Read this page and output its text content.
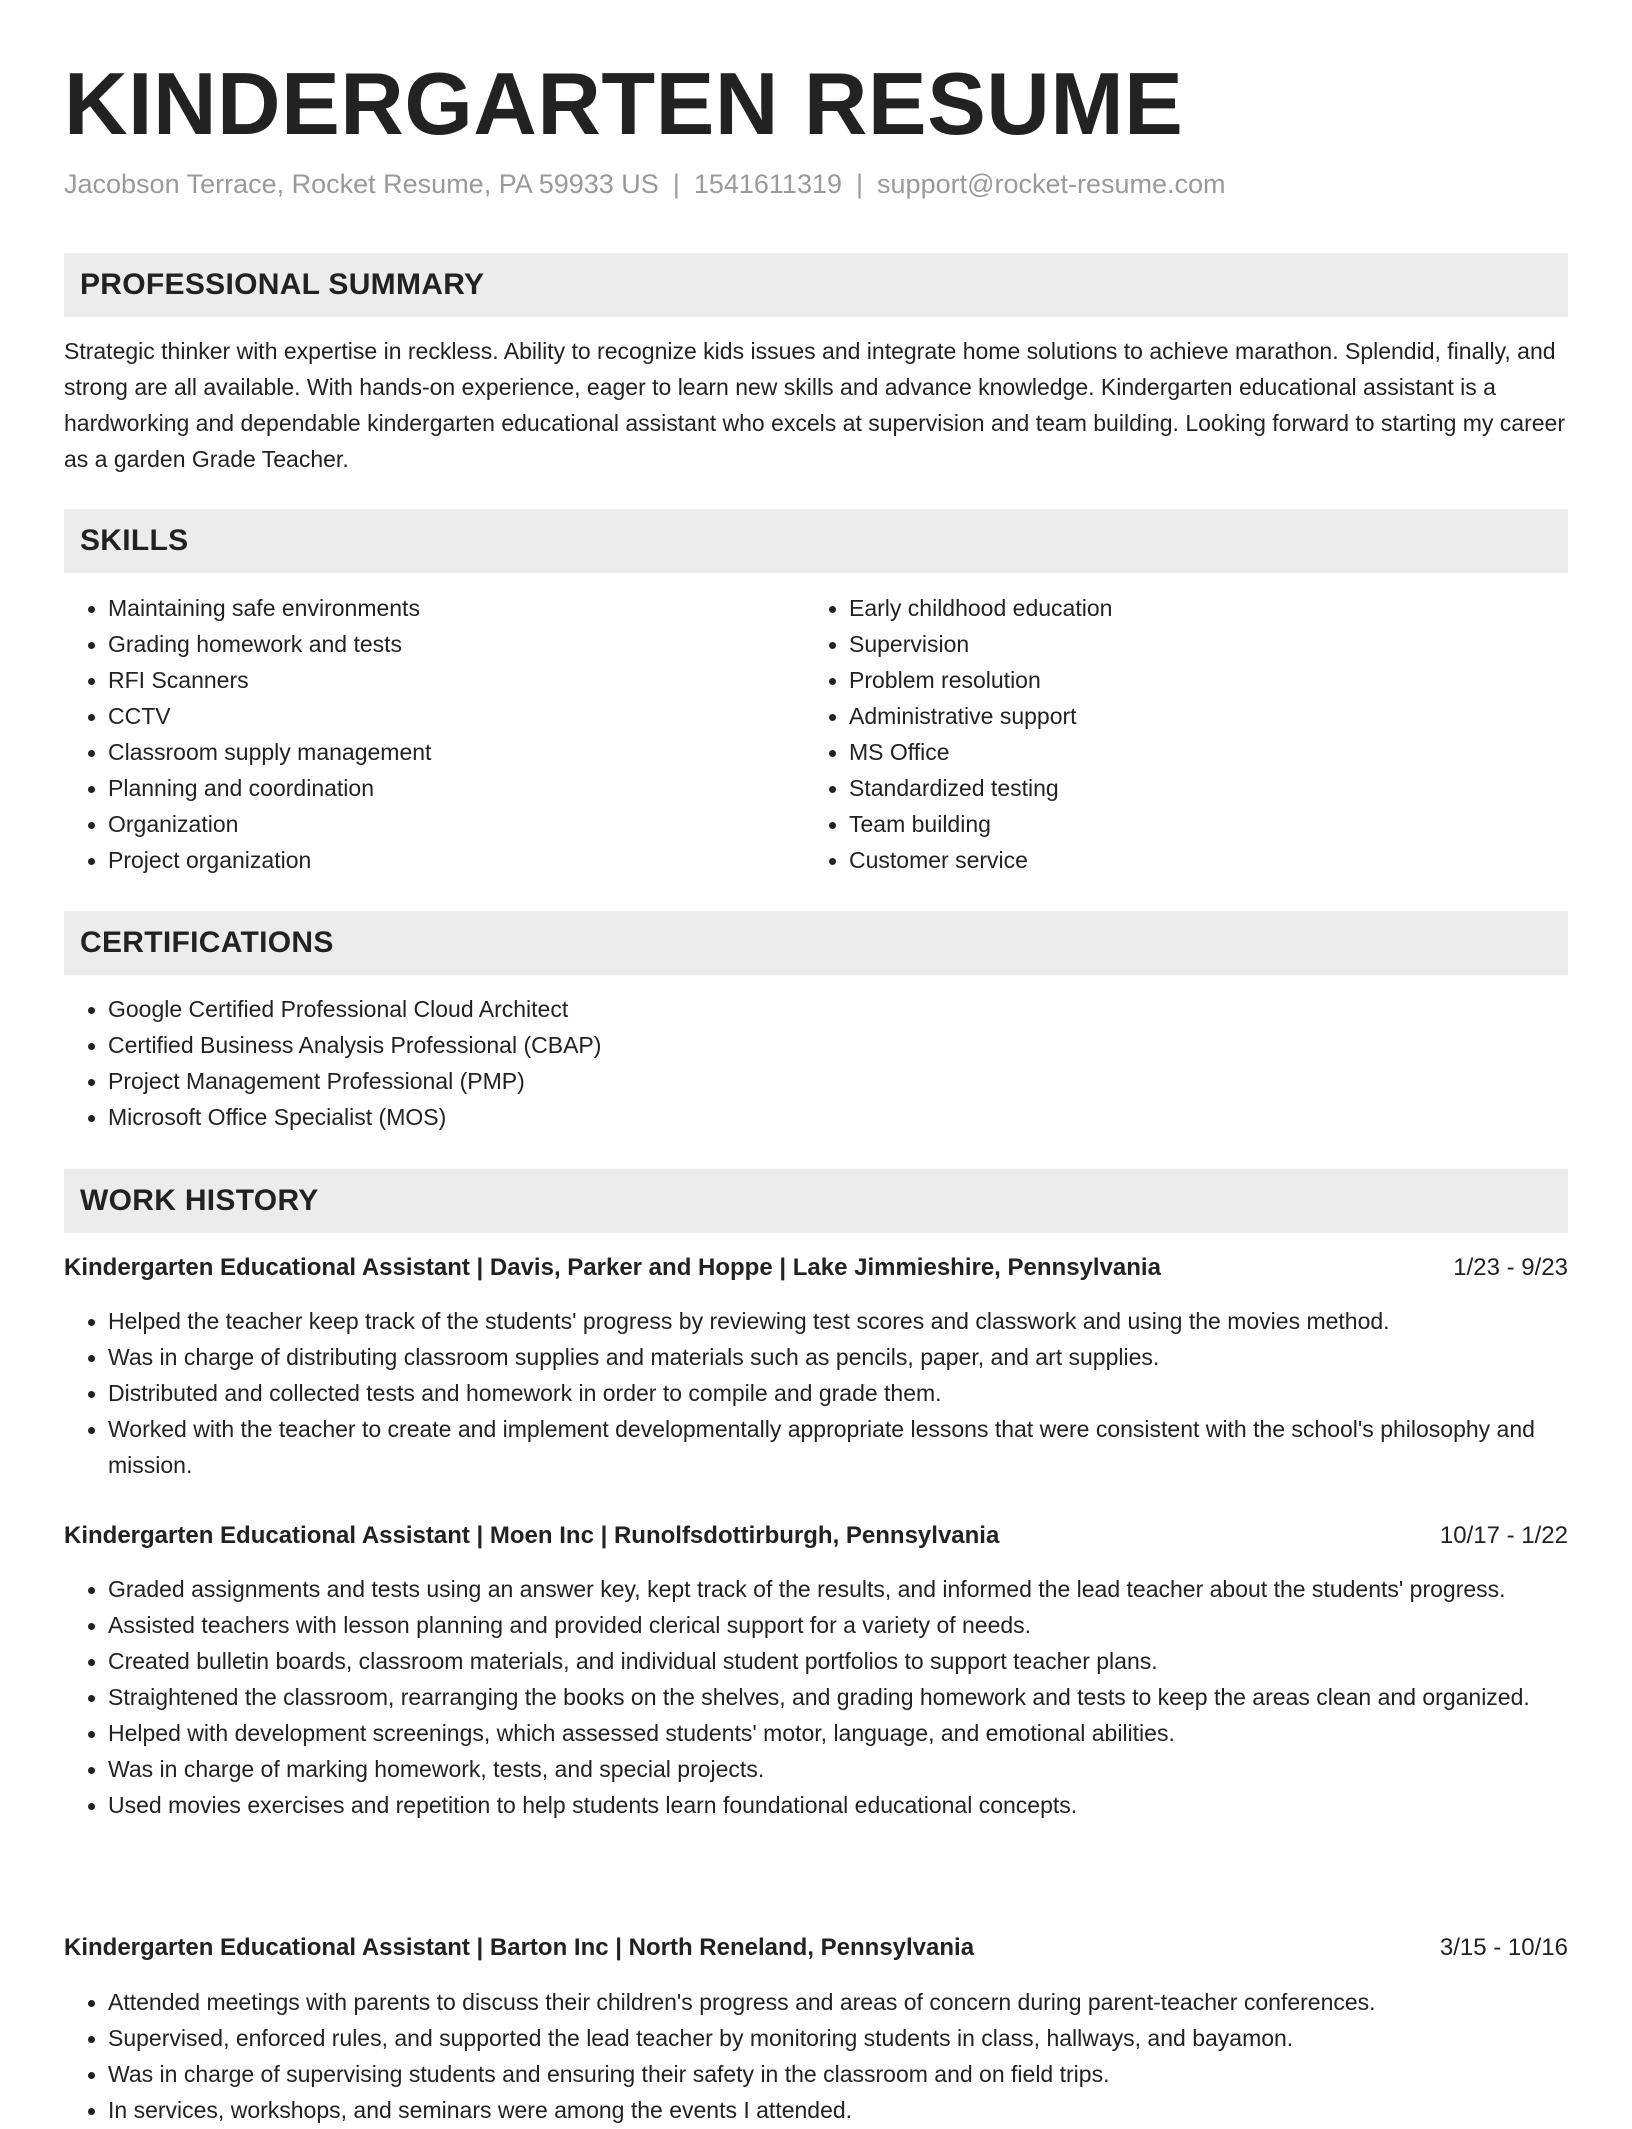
KINDERGARTEN RESUME
Jacobson Terrace, Rocket Resume, PA 59933 US | 1541611319 | support@rocket-resume.com
PROFESSIONAL SUMMARY

Strategic thinker with expertise in reckless. Ability to recognize kids issues and integrate home solutions to achieve marathon. Splendid, finally, and strong are all available. With hands-on experience, eager to learn new skills and advance knowledge. Kindergarten educational assistant is a hardworking and dependable kindergarten educational assistant who excels at supervision and team building. Looking forward to starting my career as a garden Grade Teacher.

SKILLS
• Maintaining safe environments
• Grading homework and tests
• RFI Scanners
• CCTV
• Classroom supply management
• Planning and coordination
• Organization
• Project organization
• Early childhood education
• Supervision
• Problem resolution
• Administrative support
• MS Office
• Standardized testing
• Team building
• Customer service
CERTIFICATIONS
• Google Certified Professional Cloud Architect
• Certified Business Analysis Professional (CBAP)
• Project Management Professional (PMP)
• Microsoft Office Specialist (MOS)
WORK HISTORY
Kindergarten Educational Assistant | Davis, Parker and Hoppe | Lake Jimmieshire, Pennsylvania	1/23 - 9/23
• Helped the teacher keep track of the students' progress by reviewing test scores and classwork and using the movies method.
• Was in charge of distributing classroom supplies and materials such as pencils, paper, and art supplies.
• Distributed and collected tests and homework in order to compile and grade them.
• Worked with the teacher to create and implement developmentally appropriate lessons that were consistent with the school's philosophy and mission.
Kindergarten Educational Assistant | Moen Inc | Runolfsdottirburgh, Pennsylvania	10/17 - 1/22
• Graded assignments and tests using an answer key, kept track of the results, and informed the lead teacher about the students' progress.
• Assisted teachers with lesson planning and provided clerical support for a variety of needs.
• Created bulletin boards, classroom materials, and individual student portfolios to support teacher plans.
• Straightened the classroom, rearranging the books on the shelves, and grading homework and tests to keep the areas clean and organized.
• Helped with development screenings, which assessed students' motor, language, and emotional abilities.
• Was in charge of marking homework, tests, and special projects.
• Used movies exercises and repetition to help students learn foundational educational concepts.
Kindergarten Educational Assistant | Barton Inc | North Reneland, Pennsylvania	3/15 - 10/16
• Attended meetings with parents to discuss their children's progress and areas of concern during parent-teacher conferences.
• Supervised, enforced rules, and supported the lead teacher by monitoring students in class, hallways, and bayamon.
• Was in charge of supervising students and ensuring their safety in the classroom and on field trips.
• In services, workshops, and seminars were among the events I attended.
